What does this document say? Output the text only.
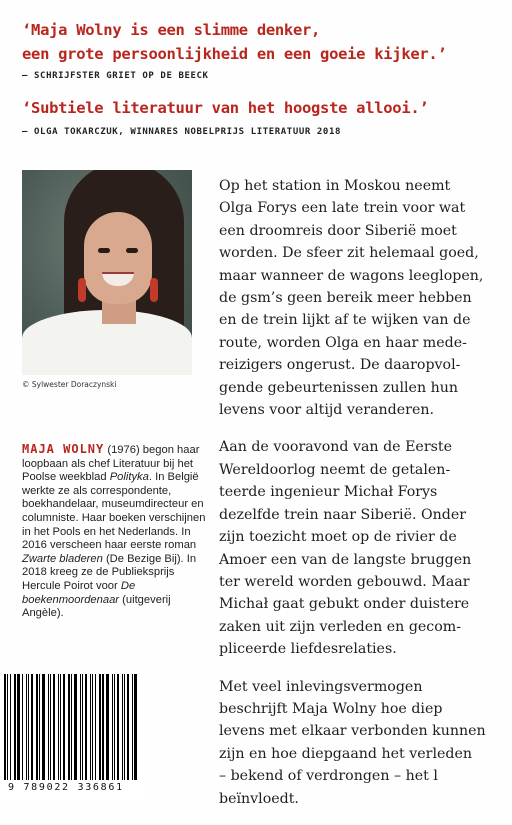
‘Maja Wolny is een slimme denker,
een grote persoonlijkheid en een goeie kijker.’
— SCHRIJFSTER GRIET OP DE BEECK
‘Subtiele literatuur van het hoogste allooi.’
— OLGA TOKARCZUK, WINNARES NOBELPRIJS LITERATUUR 2018
© Sylwester Doraczynski
MAJA WOLNY (1976) begon haar loopbaan als chef Literatuur bij het Poolse weekblad Polityka. In België werkte ze als correspondente, boekhandelaar, museumdirecteur en columniste. Haar boeken verschijnen in het Pools en het Nederlands. In 2016 verscheen haar eerste roman Zwarte bladeren (De Bezige Bij). In 2018 kreeg ze de Publieksprijs Hercule Poirot voor De boekenmoordenaar (uitgeverij Angèle).
9 789022 336861

Op het station in Moskou neemt
Olga Forys een late trein voor wat
een droomreis door Siberië moet
worden. De sfeer zit helemaal goed,
maar wanneer de wagons leeglopen,
de gsm’s geen bereik meer hebben
en de trein lijkt af te wijken van de
route, worden Olga en haar mede-
reizigers ongerust. De daaropvol-
gende gebeurtenissen zullen hun
levens voor altijd veranderen.

Aan de vooravond van de Eerste
Wereldoorlog neemt de getalen-
teerde ingenieur Michał Forys
dezelfde trein naar Siberië. Onder
zijn toezicht moet op de rivier de
Amoer een van de langste bruggen
ter wereld worden gebouwd. Maar
Michał gaat gebukt onder duistere
zaken uit zijn verleden en gecom-
pliceerde liefdesrelaties.

Met veel inlevingsvermogen
beschrijft Maja Wolny hoe diep
levens met elkaar verbonden kunnen
zijn en hoe diepgaand het verleden
– bekend of verdrongen – het l
beïnvloedt.
